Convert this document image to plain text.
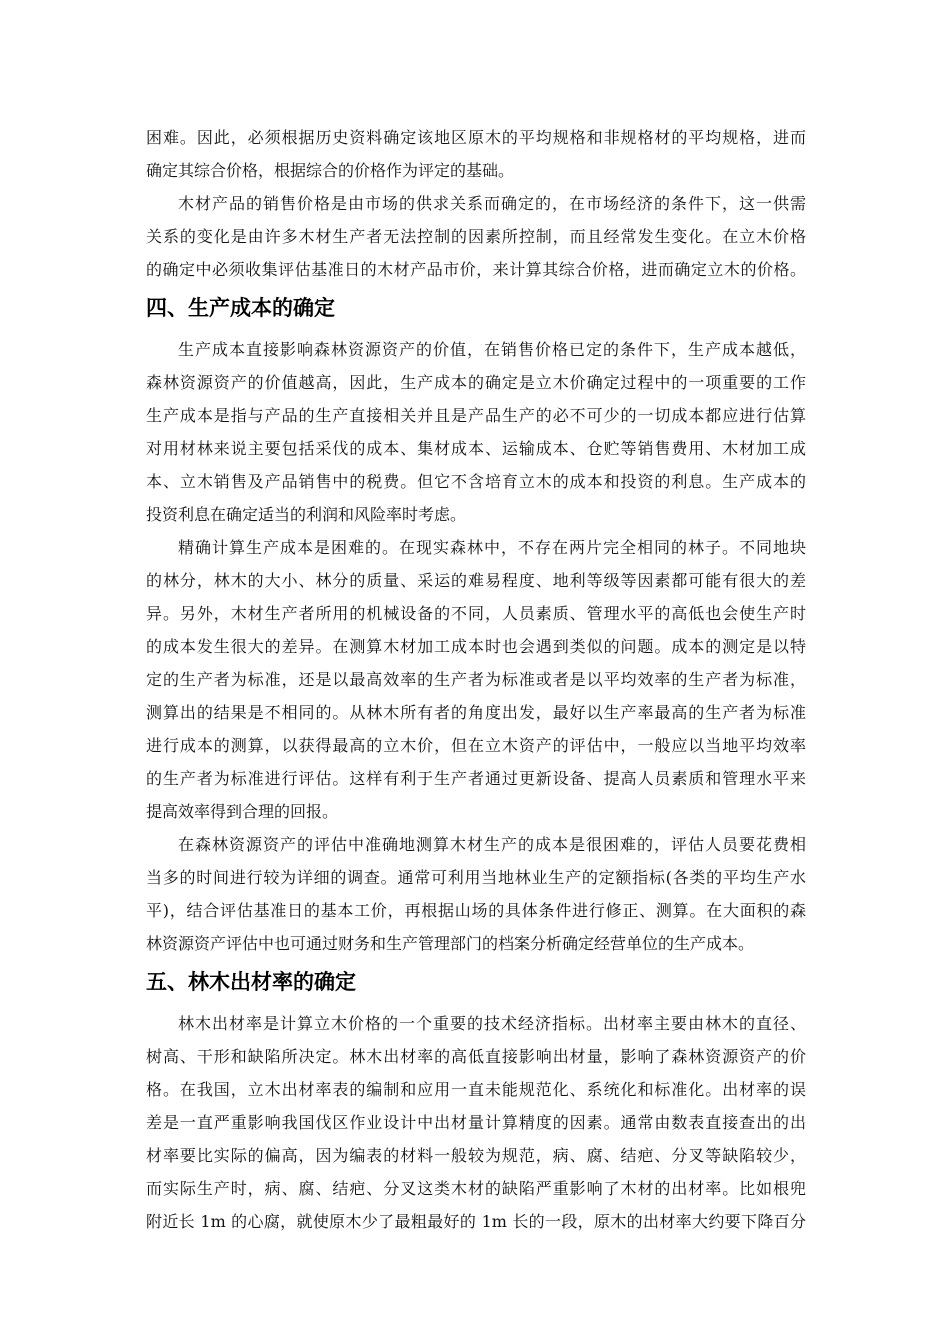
困难。因此，必须根据历史资料确定该地区原木的平均规格和非规格材的平均规格，进而
确定其综合价格，根据综合的价格作为评定的基础。
木材产品的销售价格是由市场的供求关系而确定的，在市场经济的条件下，这一供需
关系的变化是由许多木材生产者无法控制的因素所控制，而且经常发生变化。在立木价格
的确定中必须收集评估基准日的木材产品市价，来计算其综合价格，进而确定立木的价格。
四、生产成本的确定
生产成本直接影响森林资源资产的价值，在销售价格已定的条件下，生产成本越低，
森林资源资产的价值越高，因此，生产成本的确定是立木价确定过程中的一项重要的工作
生产成本是指与产品的生产直接相关并且是产品生产的必不可少的一切成本都应进行估算
对用材林来说主要包括采伐的成本、集材成本、运输成本、仓贮等销售费用、木材加工成
本、立木销售及产品销售中的税费。但它不含培育立木的成本和投资的利息。生产成本的
投资利息在确定适当的利润和风险率时考虑。
精确计算生产成本是困难的。在现实森林中，不存在两片完全相同的林子。不同地块
的林分，林木的大小、林分的质量、采运的难易程度、地利等级等因素都可能有很大的差
异。另外，木材生产者所用的机械设备的不同，人员素质、管理水平的高低也会使生产时
的成本发生很大的差异。在测算木材加工成本时也会遇到类似的问题。成本的测定是以特
定的生产者为标准，还是以最高效率的生产者为标准或者是以平均效率的生产者为标准，
测算出的结果是不相同的。从林木所有者的角度出发，最好以生产率最高的生产者为标准
进行成本的测算，以获得最高的立木价，但在立木资产的评估中，一般应以当地平均效率
的生产者为标准进行评估。这样有利于生产者通过更新设备、提高人员素质和管理水平来
提高效率得到合理的回报。
在森林资源资产的评估中准确地测算木材生产的成本是很困难的，评估人员要花费相
当多的时间进行较为详细的调查。通常可利用当地林业生产的定额指标(各类的平均生产水
平)，结合评估基准日的基本工价，再根据山场的具体条件进行修正、测算。在大面积的森
林资源资产评估中也可通过财务和生产管理部门的档案分析确定经营单位的生产成本。
五、林木出材率的确定
林木出材率是计算立木价格的一个重要的技术经济指标。出材率主要由林木的直径、
树高、干形和缺陷所决定。林木出材率的高低直接影响出材量，影响了森林资源资产的价
格。在我国，立木出材率表的编制和应用一直未能规范化、系统化和标准化。出材率的误
差是一直严重影响我国伐区作业设计中出材量计算精度的因素。通常由数表直接查出的出
材率要比实际的偏高，因为编表的材料一般较为规范，病、腐、结疤、分叉等缺陷较少，
而实际生产时，病、腐、结疤、分叉这类木材的缺陷严重影响了木材的出材率。比如根兜
附近长 1m 的心腐，就使原木少了最粗最好的 1m 长的一段，原木的出材率大约要下降百分
